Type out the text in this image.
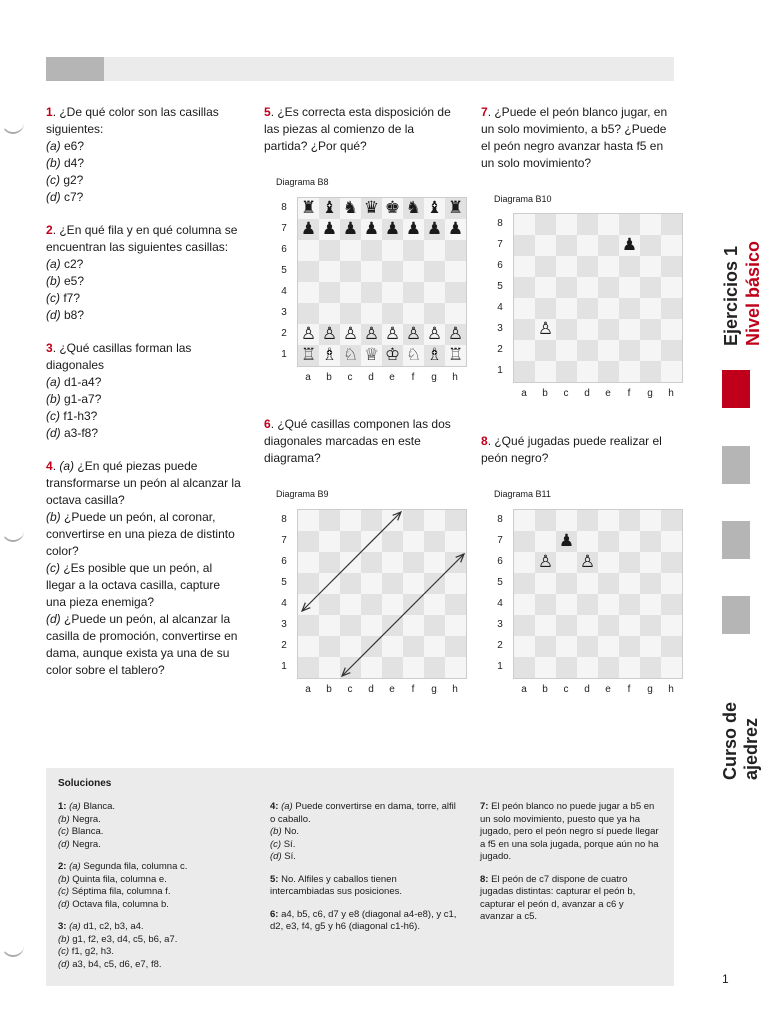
1. ¿De qué color son las casillas siguientes:
(a) e6?
(b) d4?
(c) g2?
(d) c7?
2. ¿En qué fila y en qué columna se encuentran las siguientes casillas:
(a) c2?
(b) e5?
(c) f7?
(d) b8?
3. ¿Qué casillas forman las diagonales
(a) d1-a4?
(b) g1-a7?
(c) f1-h3?
(d) a3-f8?
4. (a) ¿En qué piezas puede transformarse un peón al alcanzar la octava casilla?
(b) ¿Puede un peón, al coronar, convertirse en una pieza de distinto color?
(c) ¿Es posible que un peón, al llegar a la octava casilla, capture una pieza enemiga?
(d) ¿Puede un peón, al alcanzar la casilla de promoción, convertirse en dama, aunque exista ya una de su color sobre el tablero?
5. ¿Es correcta esta disposición de las piezas al comienzo de la partida? ¿Por qué?
Diagrama B8
8
7
6
5
4
3
2
1
a	b	c	d	e	f	g	h
♜ ♝ ♞ ♛ ♚ ♞ ♝ ♜
♟ ♟ ♟ ♟ ♟ ♟ ♟ ♟
♙ ♙ ♙ ♙ ♙ ♙ ♙ ♙
♖ ♗ ♘ ♕ ♔ ♘ ♗ ♖
6. ¿Qué casillas componen las dos diagonales marcadas en este diagrama?
Diagrama B9
8
7
6
5
4
3
2
1
a	b	c	d	e	f	g	h
7. ¿Puede el peón blanco jugar, en un solo movimiento, a b5? ¿Puede el peón negro avanzar hasta f5 en un solo movimiento?
Diagrama B10
8
7
6
5
4
3
2
1
a	b	c	d	e	f	g	h
♟
♙
8. ¿Qué jugadas puede realizar el peón negro?
Diagrama B11
8
7
6
5
4
3
2
1
a	b	c	d	e	f	g	h
♟
♙ ♙
Soluciones
1: (a) Blanca.
(b) Negra.
(c) Blanca.
(d) Negra.
2: (a) Segunda fila, columna c.
(b) Quinta fila, columna e.
(c) Séptima fila, columna f.
(d) Octava fila, columna b.
3: (a) d1, c2, b3, a4.
(b) g1, f2, e3, d4, c5, b6, a7.
(c) f1, g2, h3.
(d) a3, b4, c5, d6, e7, f8.
4: (a) Puede convertirse en dama, torre, alfil o caballo.
(b) No.
(c) Sí.
(d) Sí.
5: No. Alfiles y caballos tienen intercambiadas sus posiciones.
6: a4, b5, c6, d7 y e8 (diagonal a4-e8), y c1, d2, e3, f4, g5 y h6 (diagonal c1-h6).
7: El peón blanco no puede jugar a b5 en un solo movimiento, puesto que ya ha jugado, pero el peón negro sí puede llegar a f5 en una sola jugada, porque aún no ha jugado.
8: El peón de c7 dispone de cuatro jugadas distintas: capturar el peón b, capturar el peón d, avanzar a c6 y avanzar a c5.
Ejercicios 1 Nivel básico
Curso de ajedrez
1
